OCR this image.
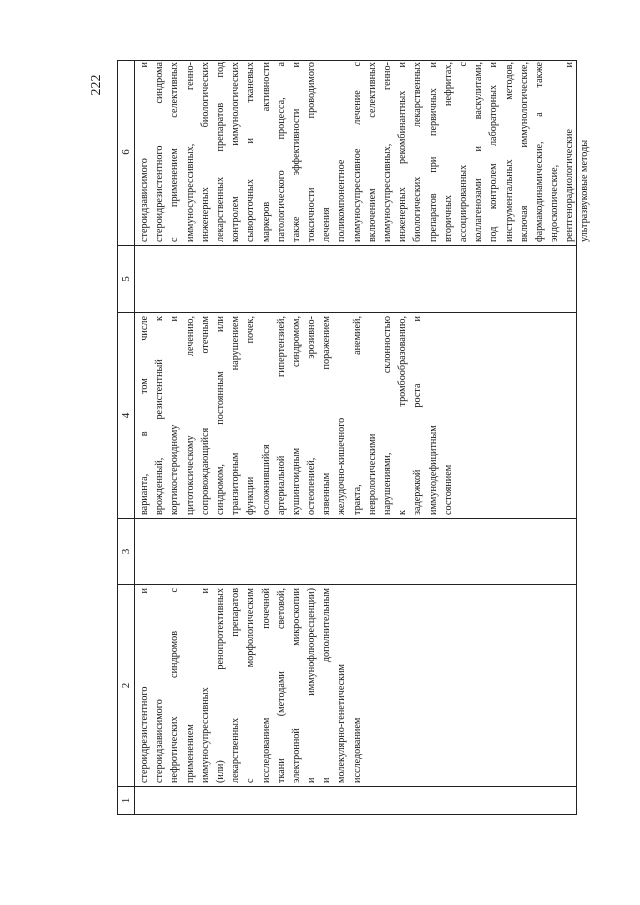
222
1
2
3
4
5
6
стероидрезистентного и стероидзависимого нефротических синдромов с применением иммуносупрессивных и (или) ренопротективных лекарственных препаратов с морфологическим исследованием почечной ткани (методами световой, электронной микроскопии и иммунофлюоресценции) и дополнительным молекулярно-генетическим исследованием
вариантa, в том числе врожденный, резистентный к кортикостероидному и цитотоксическому лечению, сопровождающийся отечным синдромом, постоянным или транзиторным нарушением функции почек, осложнившийся артериальной гипертензией, кушингоидным синдромом, остеопенией, эрозивно- язвенным поражением желудочно-кишечного тракта, анемией, неврологическими нарушениями, склонностью к тромбообразованию, задержкой роста и иммунодефицитным состоянием
стероидзависимого и стероидрезистентного синдрома с применением селективных иммуносупрессивных, генно- инженерных биологических лекарственных препаратов под контролем иммунологических сывороточных и тканевых маркеров активности патологического процесса, а также эффективности и токсичности проводимого лечения поликомпонентное иммуносупрессивное лечение с включением селективных иммуносупрессивных, генно- инженерных рекомбинантных и биологических лекарственных препаратов при первичных и вторичных нефритах, ассоциированных с коллагенозами и васкулитами, под контролем лабораторных и инструментальных методов, включая иммунологические, фармакодинамические, а также эндоскопические, рентгенорадиологические и ультразвуковые методы
